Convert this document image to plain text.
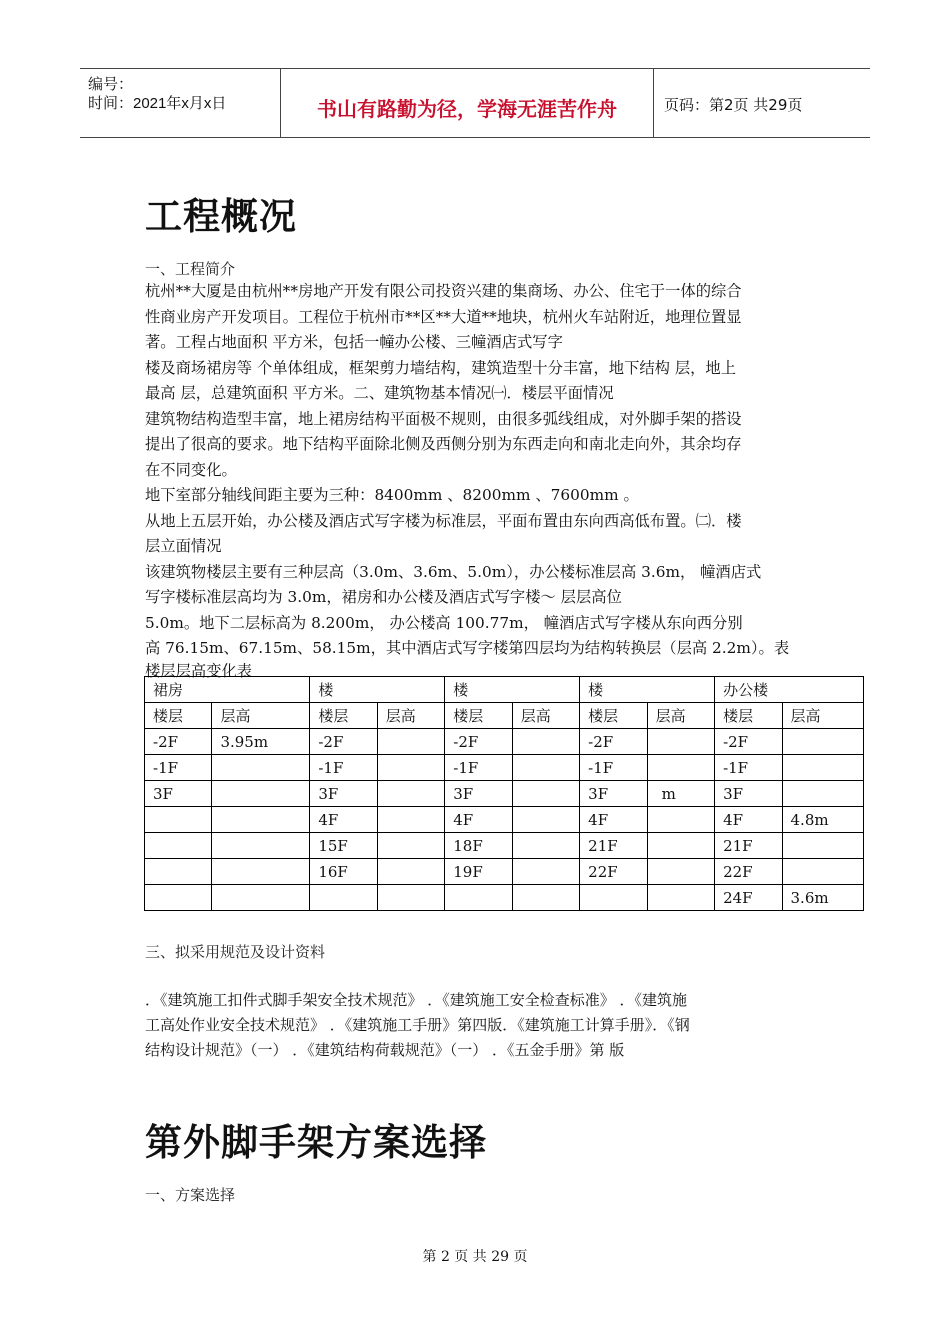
编号：
时间：2021年x月x日	书山有路勤为径，学海无涯苦作舟	页码：第2页 共29页
工程概况
一、工程简介
杭州**大厦是由杭州**房地产开发有限公司投资兴建的集商场、办公、住宅于一体的综合
性商业房产开发项目。工程位于杭州市**区**大道**地块，杭州火车站附近，地理位置显
著。工程占地面积 平方米，包括一幢办公楼、三幢酒店式写字
楼及商场裙房等 个单体组成，框架剪力墙结构，建筑造型十分丰富，地下结构 层，地上
最高 层，总建筑面积 平方米。二、建筑物基本情况㈠．楼层平面情况
建筑物结构造型丰富，地上裙房结构平面极不规则，由很多弧线组成，对外脚手架的搭设
提出了很高的要求。地下结构平面除北侧及西侧分别为东西走向和南北走向外，其余均存
在不同变化。
地下室部分轴线间距主要为三种：8400mm 、8200mm 、7600mm 。
从地上五层开始，办公楼及酒店式写字楼为标准层，平面布置由东向西高低布置。㈡．楼
层立面情况
该建筑物楼层主要有三种层高（3.0m、3.6m、5.0m），办公楼标准层高 3.6m， 幢酒店式
写字楼标准层高均为 3.0m，裙房和办公楼及酒店式写字楼～ 层层高位
5.0m。地下二层标高为 8.200m， 办公楼高 100.77m， 幢酒店式写字楼从东向西分别
高 76.15m、67.15m、58.15m，其中酒店式写字楼第四层均为结构转换层（层高 2.2m）。表
楼层层高变化表
裙房		楼		楼		楼		办公楼	
楼层	层高	楼层	层高	楼层	层高	楼层	层高	楼层	层高
-2F	3.95m	-2F		-2F		-2F		-2F	
-1F		-1F		-1F		-1F		-1F	
3F		3F		3F		3F	m	3F	
		4F		4F		4F		4F	4.8m
		15F		18F		21F		21F	
		16F		19F		22F		22F	
								24F	3.6m
三、拟采用规范及设计资料
．《建筑施工扣件式脚手架安全技术规范》 ．《建筑施工安全检查标准》 ．《建筑施
工高处作业安全技术规范》 ．《建筑施工手册》第四版．《建筑施工计算手册》．《钢
结构设计规范》（一） ．《建筑结构荷载规范》（一） ．《五金手册》第 版
第外脚手架方案选择
一、方案选择
第 2 页 共 29 页
